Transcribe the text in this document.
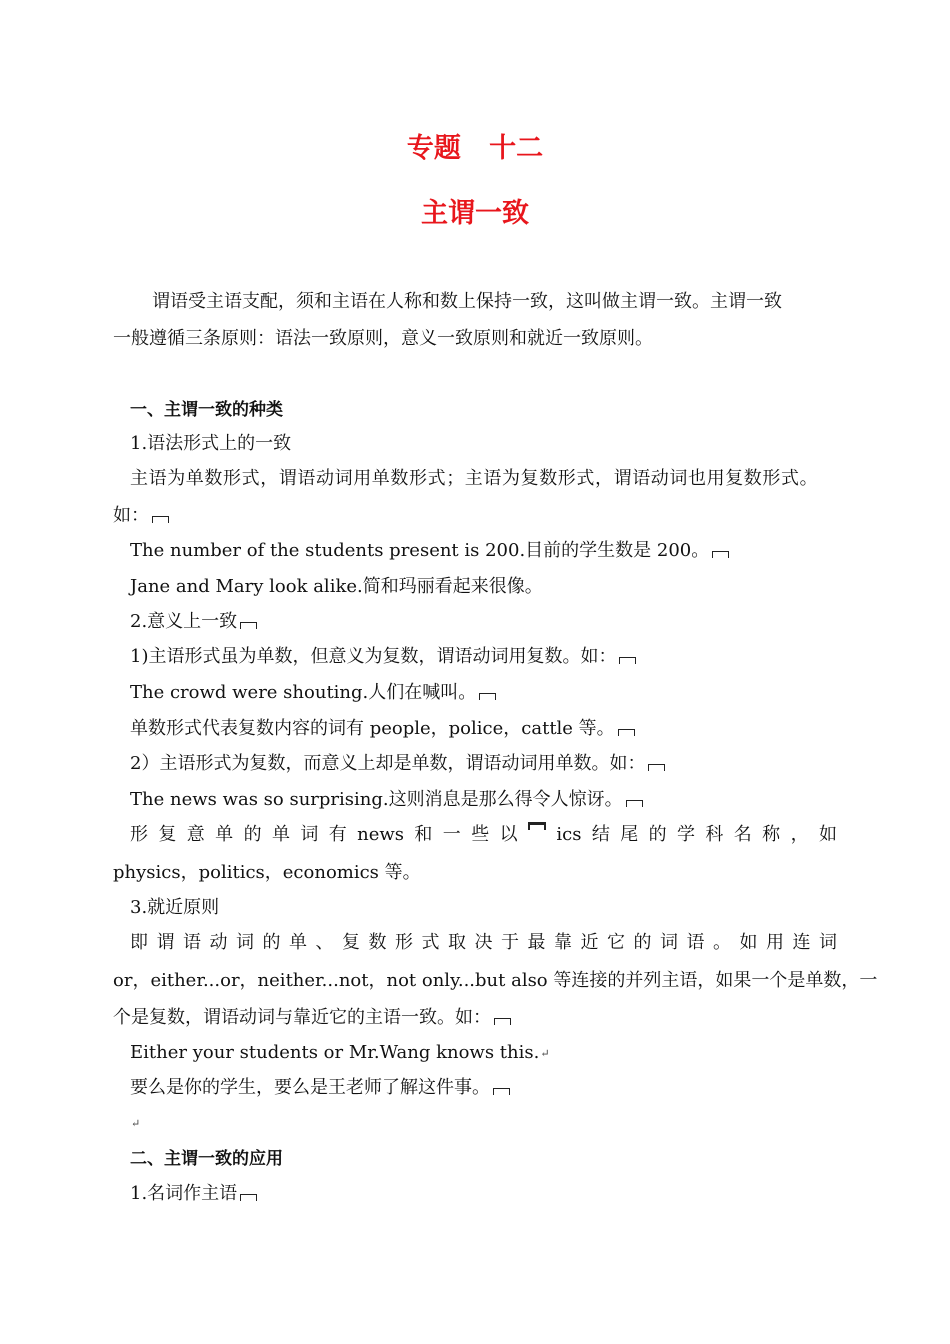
专题   十二
主谓一致
谓语受主语支配，须和主语在人称和数上保持一致，这叫做主谓一致。主谓一致
一般遵循三条原则：语法一致原则，意义一致原则和就近一致原则。
一、主谓一致的种类
1.语法形式上的一致
主语为单数形式，谓语动词用单数形式；主语为复数形式，谓语动词也用复数形式。
如：
The number of the students present is 200.目前的学生数是 200。
Jane and Mary look alike.简和玛丽看起来很像。
2.意义上一致
1)主语形式虽为单数，但意义为复数，谓语动词用复数。如：
The crowd were shouting.人们在喊叫。
单数形式代表复数内容的词有 people，police，cattle 等。
2）主语形式为复数，而意义上却是单数，谓语动词用单数。如：
The news was so surprising.这则消息是那么得令人惊讶。
形 复 意 单 的 单 词 有 news 和 一 些 以 ics 结 尾 的 学 科 名 称 ， 如
physics，politics，economics 等。
3.就近原则
即 谓 语 动 词 的 单 、 复 数 形 式 取 决 于 最 靠 近 它 的 词 语 。 如 用 连 词
or，either...or，neither...not，not only...but also 等连接的并列主语，如果一个是单数，一
个是复数，谓语动词与靠近它的主语一致。如：
Either your students or Mr.Wang knows this.↵
要么是你的学生，要么是王老师了解这件事。
↵
二、主谓一致的应用
1.名词作主语
